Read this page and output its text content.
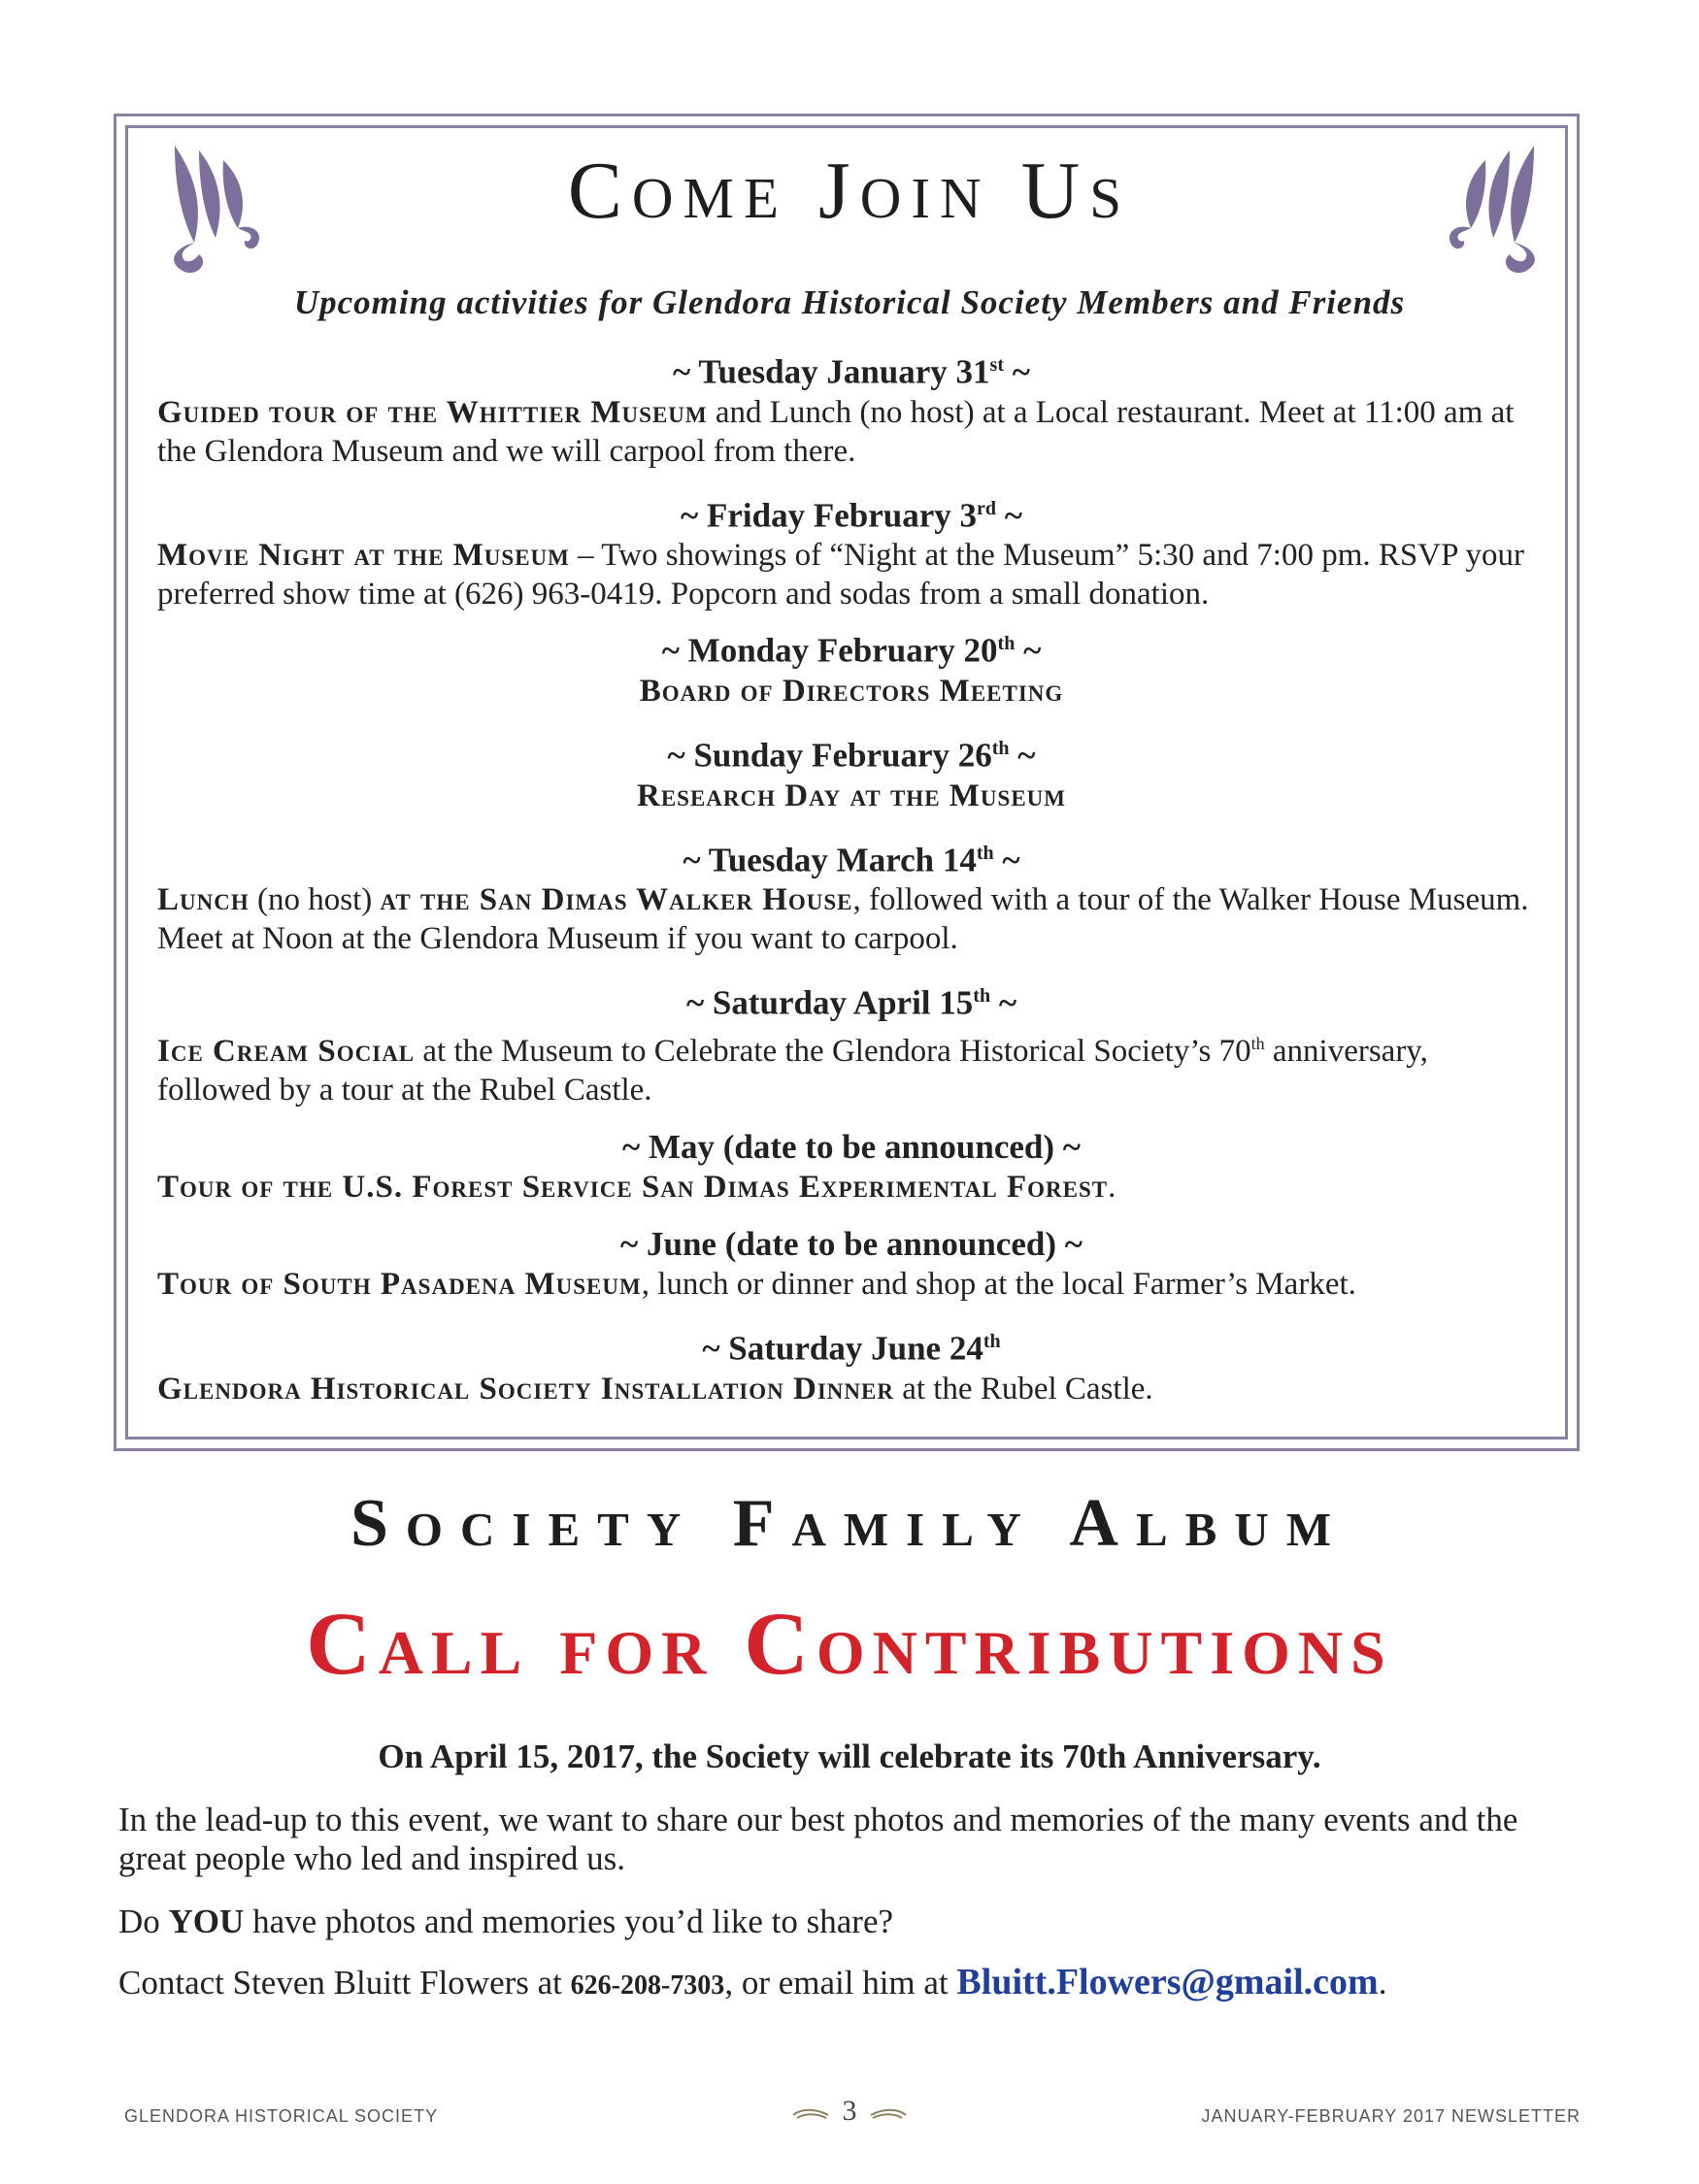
Come Join Us

Upcoming activities for Glendora Historical Society Members and Friends

~ Tuesday January 31st ~
Guided tour of the Whittier Museum and Lunch (no host) at a Local restaurant. Meet at 11:00 am at the Glendora Museum and we will carpool from there.
~ Friday February 3rd ~
Movie Night at the Museum – Two showings of “Night at the Museum” 5:30 and 7:00 pm. RSVP your preferred show time at (626) 963-0419. Popcorn and sodas from a small donation.
~ Monday February 20th ~
Board of Directors Meeting
~ Sunday February 26th ~
Research Day at the Museum
~ Tuesday March 14th ~
Lunch (no host) at the San Dimas Walker House, followed with a tour of the Walker House Museum. Meet at Noon at the Glendora Museum if you want to carpool.
~ Saturday April 15th ~
Ice Cream Social at the Museum to Celebrate the Glendora Historical Society’s 70th anniversary, followed by a tour at the Rubel Castle.
~ May (date to be announced) ~
Tour of the U.S. Forest Service San Dimas Experimental Forest.
~ June (date to be announced) ~
Tour of South Pasadena Museum, lunch or dinner and shop at the local Farmer’s Market.
~ Saturday June 24th
Glendora Historical Society Installation Dinner at the Rubel Castle.
Society Family Album
Call for Contributions

On April 15, 2017, the Society will celebrate its 70th Anniversary.

In the lead-up to this event, we want to share our best photos and memories of the many events and the great people who led and inspired us.

Do YOU have photos and memories you’d like to share?

Contact Steven Bluitt Flowers at 626-208-7303, or email him at Bluitt.Flowers@gmail.com.

GLENDORA HISTORICAL SOCIETY	3	JANUARY-FEBRUARY 2017 NEWSLETTER
